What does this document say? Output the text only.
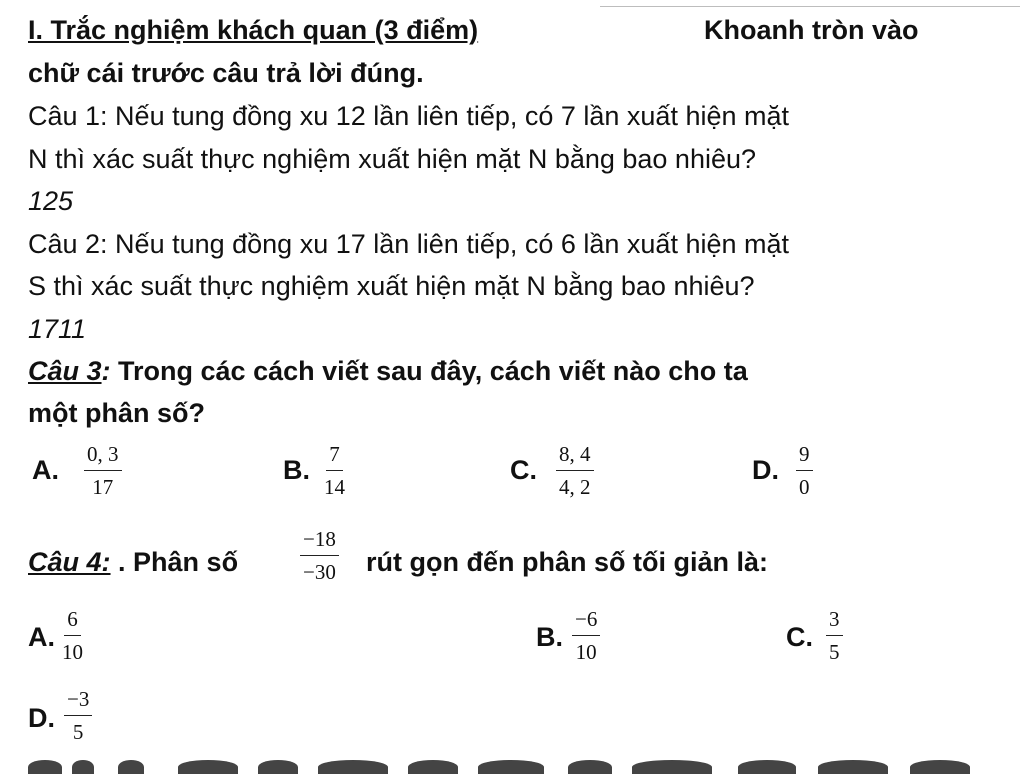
I. Trắc nghiệm khách quan (3 điểm)	Khoanh tròn vào
chữ cái trước câu trả lời đúng.
Câu 1: Nếu tung đồng xu 12 lần liên tiếp, có 7 lần xuất hiện mặt
N thì xác suất thực nghiệm xuất hiện mặt N bằng bao nhiêu?
125
Câu 2: Nếu tung đồng xu 17 lần liên tiếp, có 6 lần xuất hiện mặt
S thì xác suất thực nghiệm xuất hiện mặt N bằng bao nhiêu?
1711
Câu 3: Trong các cách viết sau đây, cách viết nào cho ta
một phân số?
A. $\frac{0, 3}{17}$	B. $\frac{7}{14}$	C. $\frac{8, 4}{4, 2}$	D. $\frac{9}{0}$
Câu 4: . Phân số	$\frac{-18}{-30}$ rút gọn đến phân số tối giản là:
A. $\frac{6}{10}$	B. $\frac{-6}{10}$	C. $\frac{3}{5}$
D. $\frac{-3}{5}$
